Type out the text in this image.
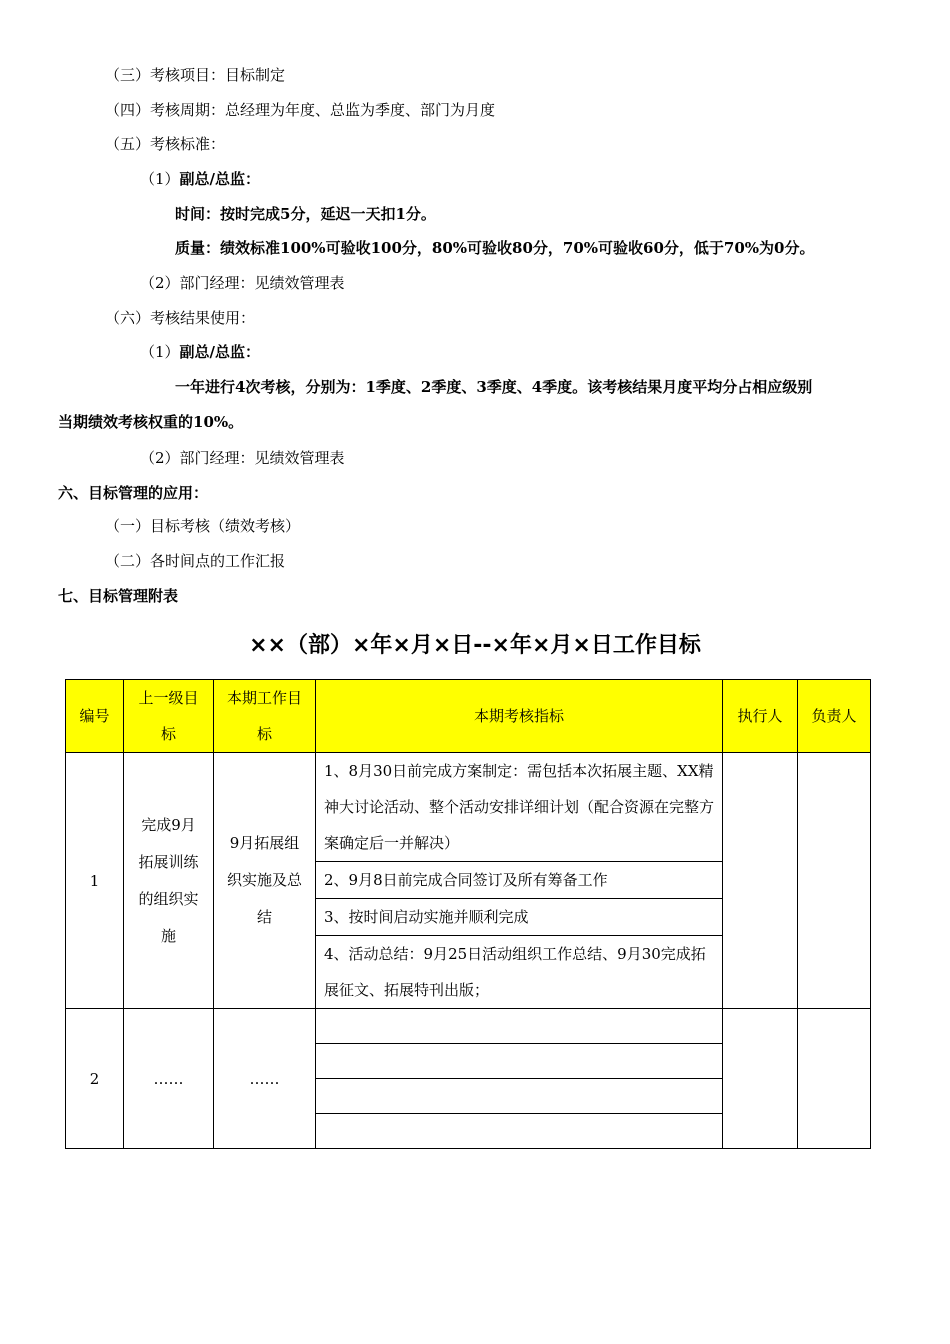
（三）考核项目：目标制定
（四）考核周期：总经理为年度、总监为季度、部门为月度
（五）考核标准：
（1）副总/总监：
时间：按时完成5分，延迟一天扣1分。
质量：绩效标准100%可验收100分，80%可验收80分，70%可验收60分，低于70%为0分。
（2）部门经理：见绩效管理表
（六）考核结果使用：
（1）副总/总监：
一年进行4次考核，分别为：1季度、2季度、3季度、4季度。该考核结果月度平均分占相应级别
当期绩效考核权重的10%。
（2）部门经理：见绩效管理表
六、目标管理的应用：
（一）目标考核（绩效考核）
（二）各时间点的工作汇报
七、目标管理附表
××（部）×年×月×日--×年×月×日工作目标
编号	上一级目标	本期工作目标	本期考核指标	执行人	负责人
1	完成9月拓展训练的组织实施	9月拓展组织实施及总结	1、8月30日前完成方案制定：需包括本次拓展主题、XX精神大讨论活动、整个活动安排详细计划（配合资源在完整方案确定后一并解决）		
			2、9月8日前完成合同签订及所有筹备工作		
			3、按时间启动实施并顺利完成		
			4、活动总结：9月25日活动组织工作总结、9月30完成拓展征文、拓展特刊出版；		
2	……	……			
